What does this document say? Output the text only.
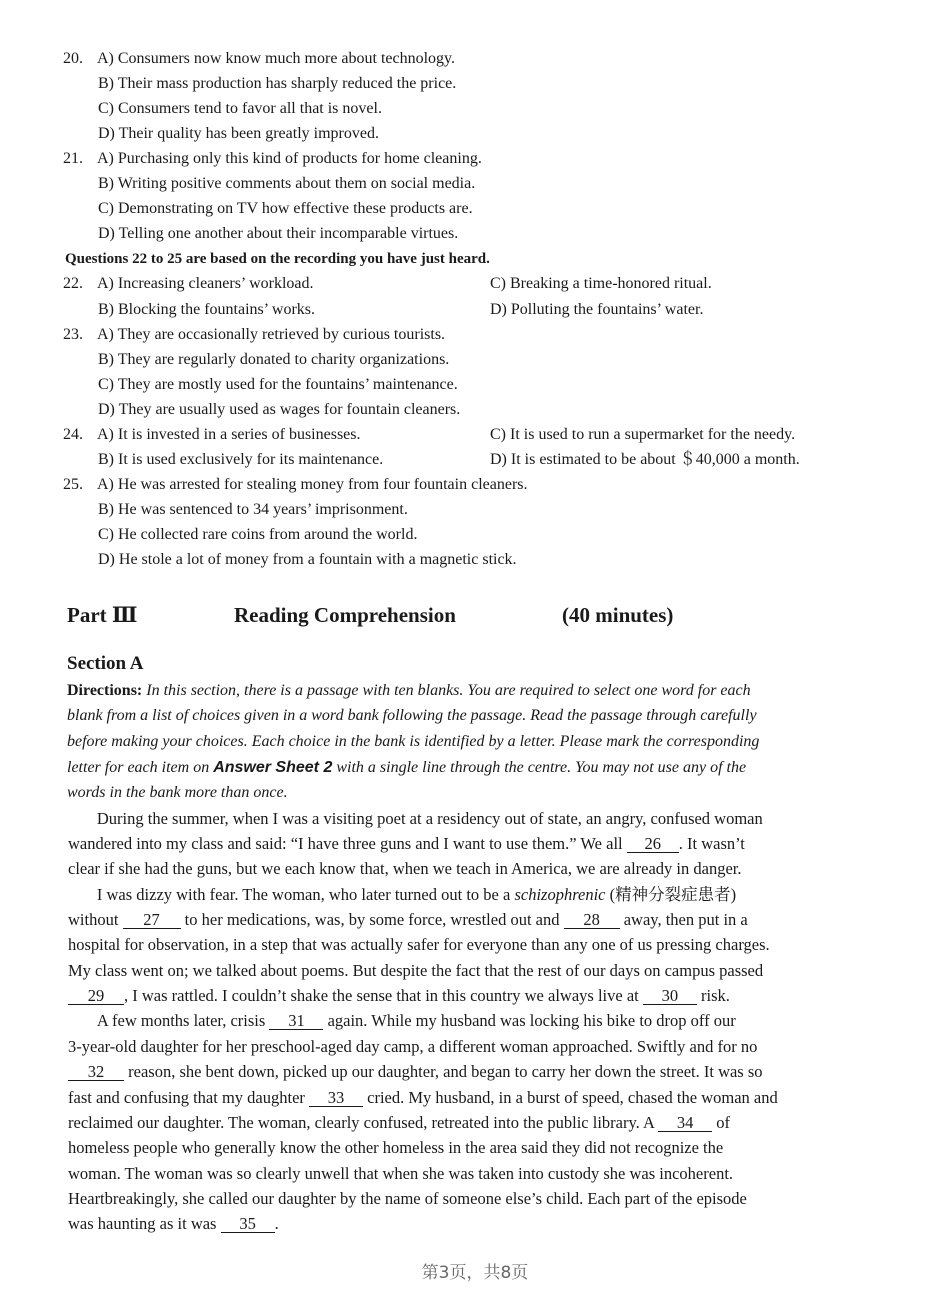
20. A) Consumers now know much more about technology.
B) Their mass production has sharply reduced the price.
C) Consumers tend to favor all that is novel.
D) Their quality has been greatly improved.
21. A) Purchasing only this kind of products for home cleaning.
B) Writing positive comments about them on social media.
C) Demonstrating on TV how effective these products are.
D) Telling one another about their incomparable virtues.
Questions 22 to 25 are based on the recording you have just heard.
22. A) Increasing cleaners’ workload.	C) Breaking a time-honored ritual.
B) Blocking the fountains’ works.	D) Polluting the fountains’ water.
23. A) They are occasionally retrieved by curious tourists.
B) They are regularly donated to charity organizations.
C) They are mostly used for the fountains’ maintenance.
D) They are usually used as wages for fountain cleaners.
24. A) It is invested in a series of businesses.	C) It is used to run a supermarket for the needy.
B) It is used exclusively for its maintenance.	D) It is estimated to be about ＄40,000 a month.
25. A) He was arrested for stealing money from four fountain cleaners.
B) He was sentenced to 34 years’ imprisonment.
C) He collected rare coins from around the world.
D) He stole a lot of money from a fountain with a magnetic stick.
Part Ⅲ	Reading Comprehension	(40 minutes)
Section A
Directions: In this section, there is a passage with ten blanks. You are required to select one word for each
blank from a list of choices given in a word bank following the passage. Read the passage through carefully
before making your choices. Each choice in the bank is identified by a letter. Please mark the corresponding
letter for each item on Answer Sheet 2 with a single line through the centre. You may not use any of the
words in the bank more than once.
During the summer, when I was a visiting poet at a residency out of state, an angry, confused woman
wandered into my class and said: “I have three guns and I want to use them.” We all 26 . It wasn’t
clear if she had the guns, but we each know that, when we teach in America, we are already in danger.
I was dizzy with fear. The woman, who later turned out to be a schizophrenic (精神分裂症患者)
without 27 to her medications, was, by some force, wrestled out and 28 away, then put in a
hospital for observation, in a step that was actually safer for everyone than any one of us pressing charges.
My class went on; we talked about poems. But despite the fact that the rest of our days on campus passed
29 , I was rattled. I couldn’t shake the sense that in this country we always live at 30 risk.
A few months later, crisis 31 again. While my husband was locking his bike to drop off our
3-year-old daughter for her preschool-aged day camp, a different woman approached. Swiftly and for no
32 reason, she bent down, picked up our daughter, and began to carry her down the street. It was so
fast and confusing that my daughter 33 cried. My husband, in a burst of speed, chased the woman and
reclaimed our daughter. The woman, clearly confused, retreated into the public library. A 34 of
homeless people who generally know the other homeless in the area said they did not recognize the
woman. The woman was so clearly unwell that when she was taken into custody she was incoherent.
Heartbreakingly, she called our daughter by the name of someone else’s child. Each part of the episode
was haunting as it was 35 .
第3页，共8页
